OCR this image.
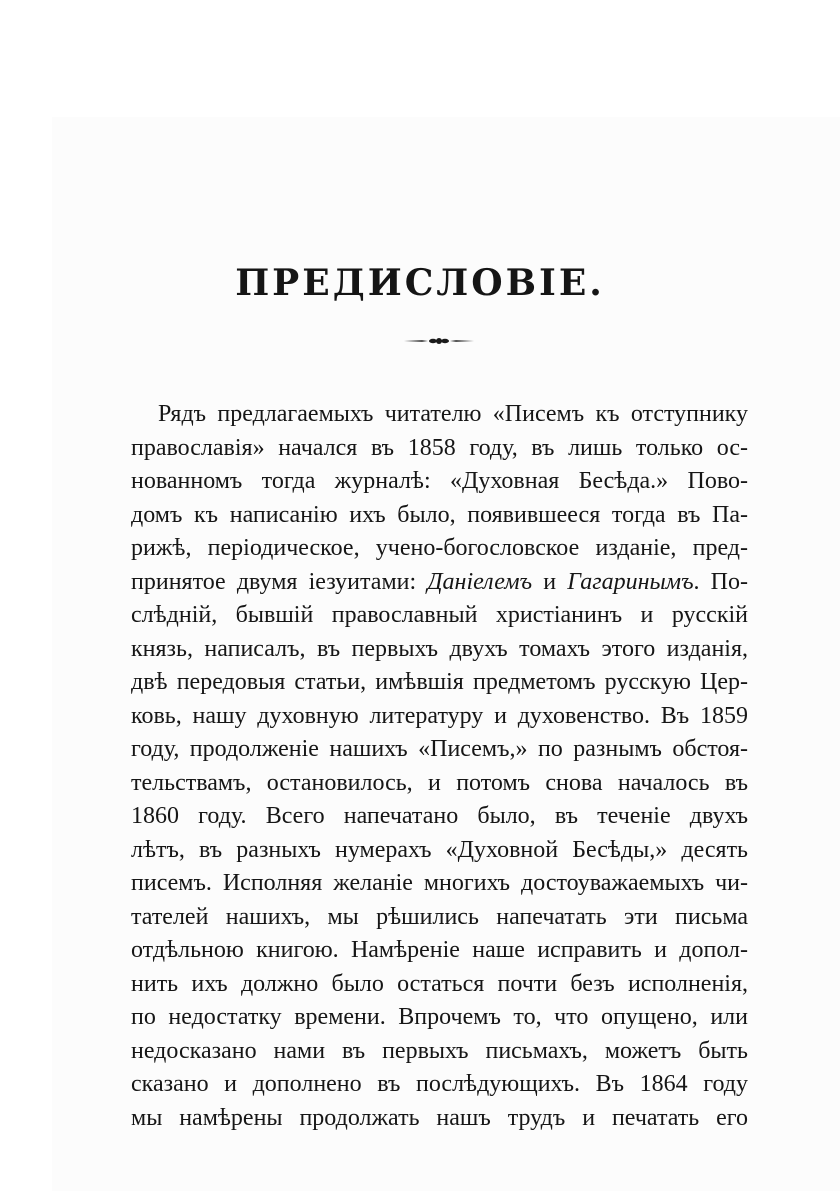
ПРЕДИСЛОВIЕ.
Рядъ предлагаемыхъ читателю «Писемъ къ отступнику
православія» начался въ 1858 году, въ лишь только ос-
нованномъ тогда журналѣ: «Духовная Бесѣда.» Пово-
домъ къ написанію ихъ было, появившееся тогда въ Па-
рижѣ, періодическое, учено-богословское изданіе, пред-
принятое двумя іезуитами: Даніелемъ и Гагаринымъ. По-
слѣдній, бывшій православный христіанинъ и русскій
князь, написалъ, въ первыхъ двухъ томахъ этого изданія,
двѣ передовыя статьи, имѣвшія предметомъ русскую Цер-
ковь, нашу духовную литературу и духовенство. Въ 1859
году, продолженіе нашихъ «Писемъ,» по разнымъ обстоя-
тельствамъ, остановилось, и потомъ снова началось въ
1860 году. Всего напечатано было, въ теченіе двухъ
лѣтъ, въ разныхъ нумерахъ «Духовной Бесѣды,» десять
писемъ. Исполняя желаніе многихъ достоуважаемыхъ чи-
тателей нашихъ, мы рѣшились напечатать эти письма
отдѣльною книгою. Намѣреніе наше исправить и допол-
нить ихъ должно было остаться почти безъ исполненія,
по недостатку времени. Впрочемъ то, что опущено, или
недосказано нами въ первыхъ письмахъ, можетъ быть
сказано и дополнено въ послѣдующихъ. Въ 1864 году
мы намѣрены продолжать нашъ трудъ и печатать его
